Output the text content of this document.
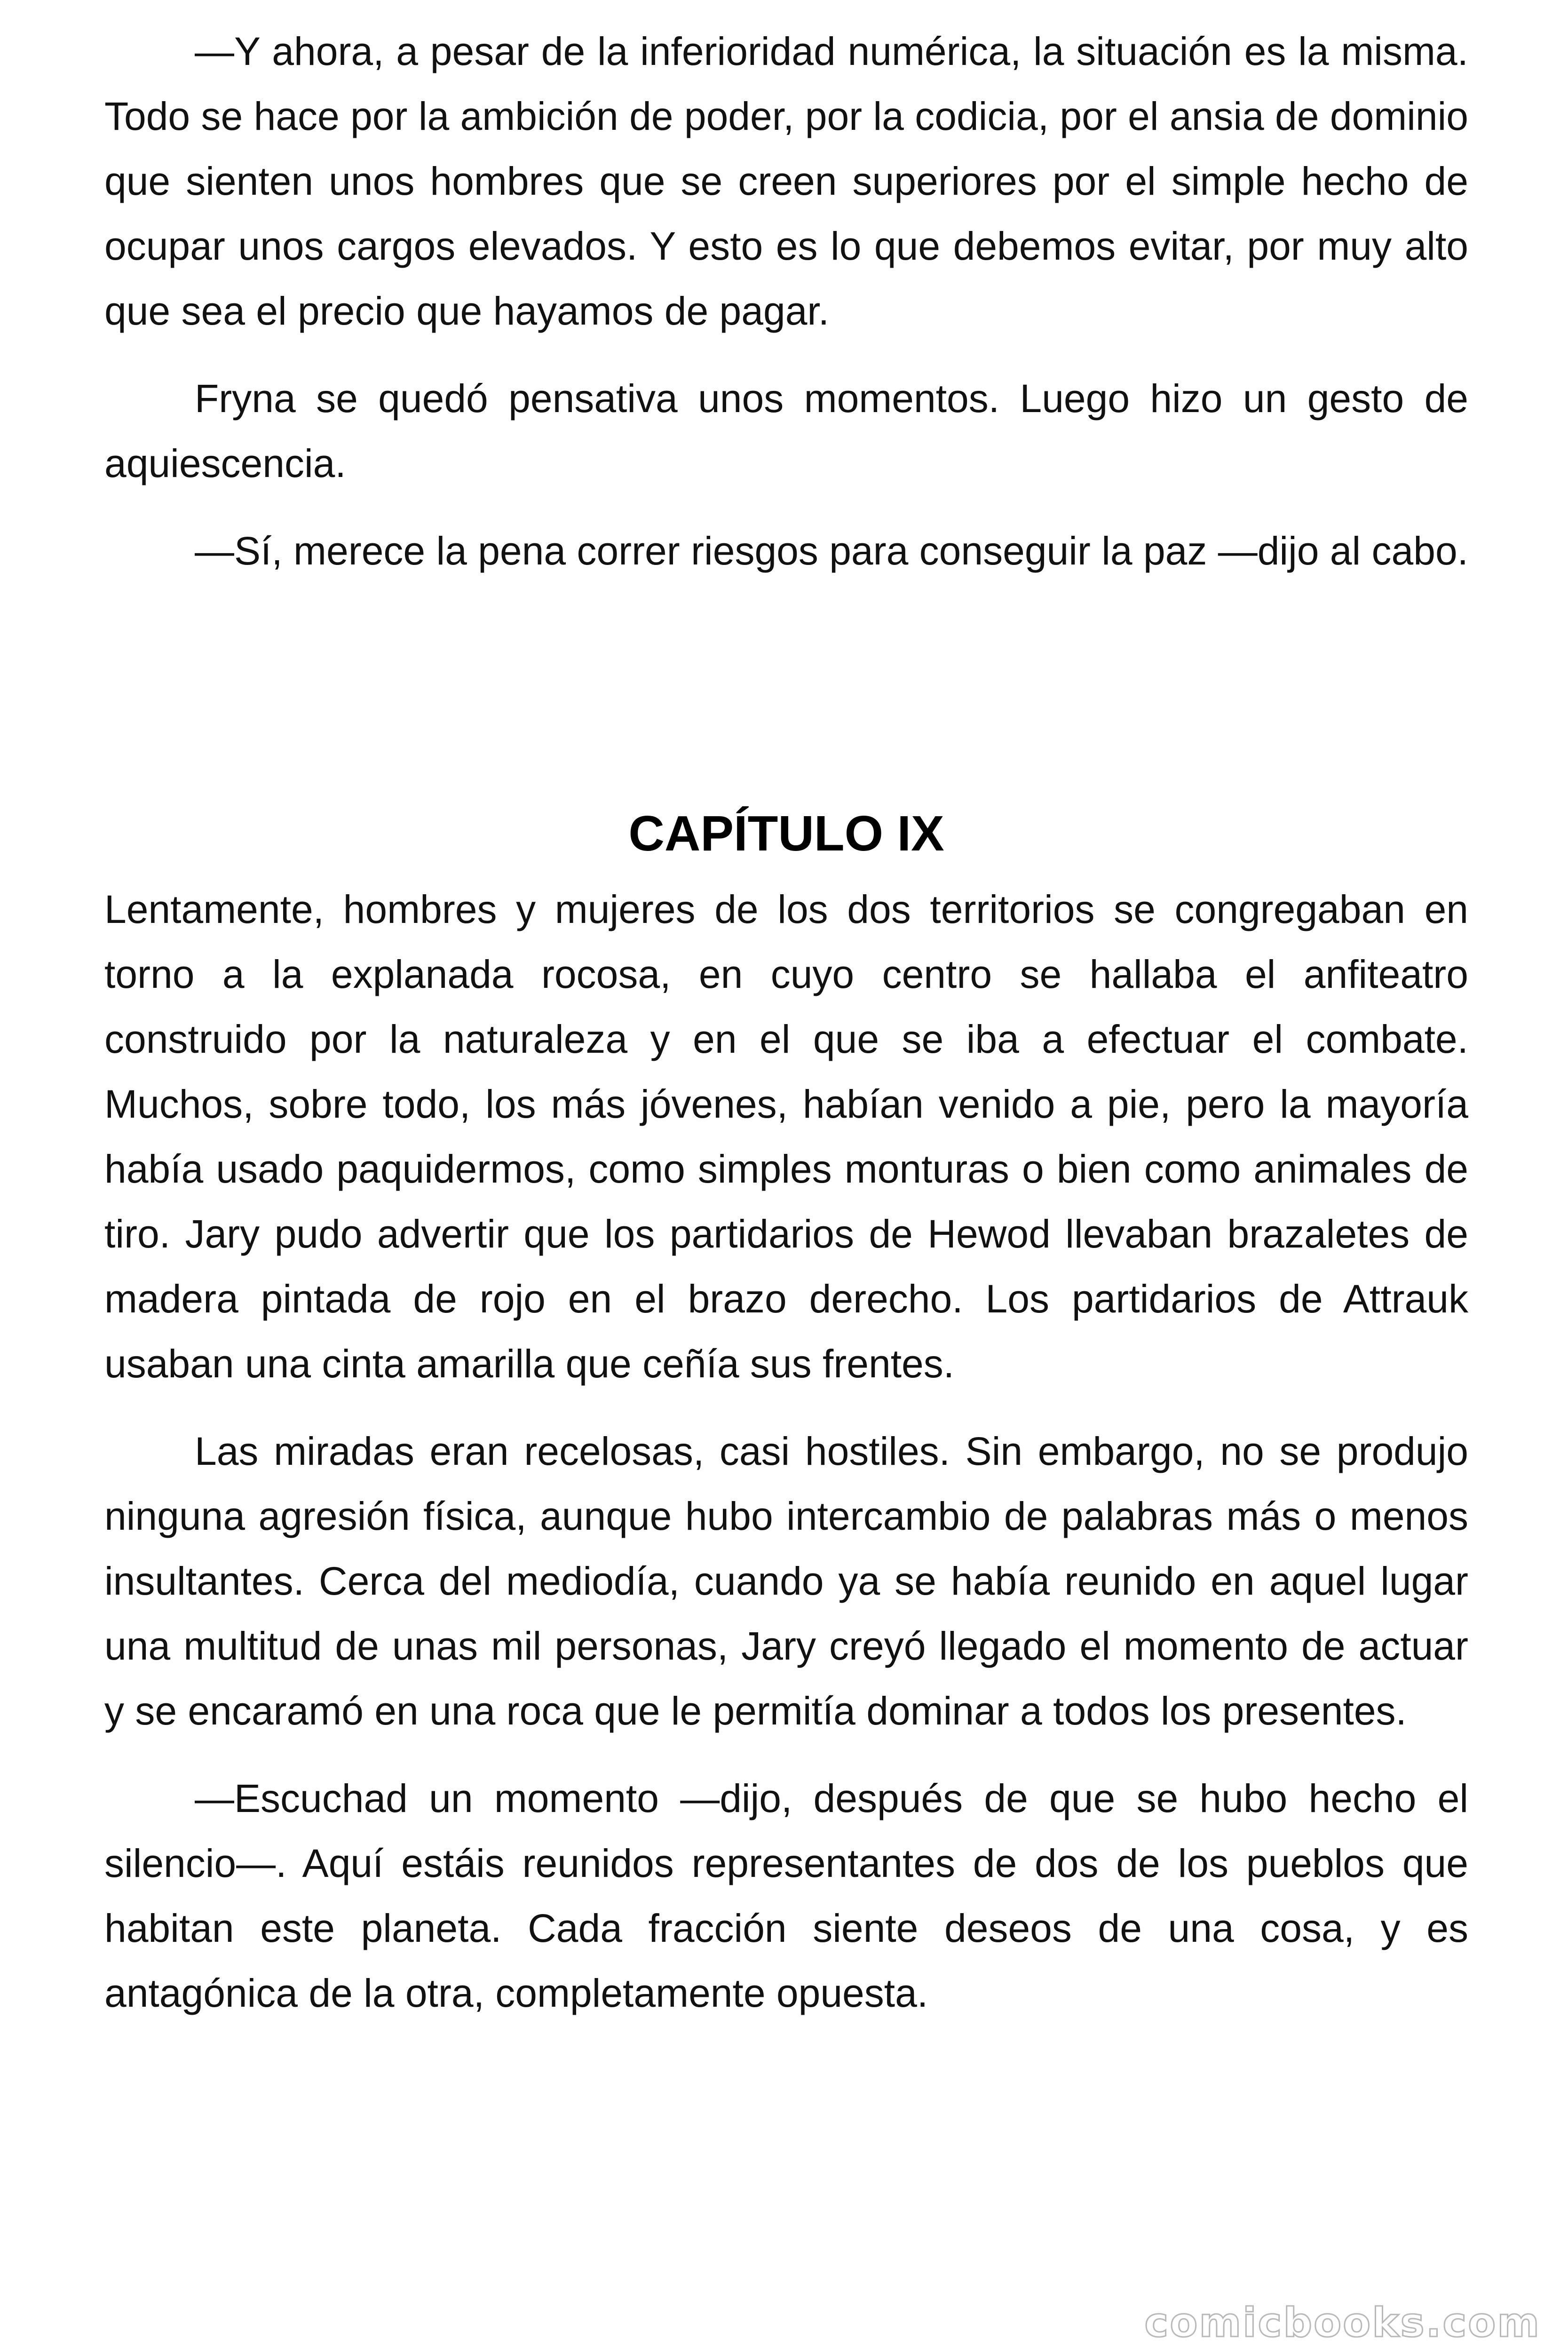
—Y ahora, a pesar de la inferioridad numérica, la situación es la misma. Todo se hace por la ambición de poder, por la codicia, por el ansia de dominio que sienten unos hombres que se creen superiores por el simple hecho de ocupar unos cargos elevados. Y esto es lo que debemos evitar, por muy alto que sea el precio que hayamos de pagar.

Fryna se quedó pensativa unos momentos. Luego hizo un gesto de aquiescencia.

—Sí, merece la pena correr riesgos para conseguir la paz —dijo al cabo.

CAPÍTULO IX

Lentamente, hombres y mujeres de los dos territorios se congregaban en torno a la explanada rocosa, en cuyo centro se hallaba el anfiteatro construido por la naturaleza y en el que se iba a efectuar el combate. Muchos, sobre todo, los más jóvenes, habían venido a pie, pero la mayoría había usado paquidermos, como simples monturas o bien como animales de tiro. Jary pudo advertir que los partidarios de Hewod llevaban brazaletes de madera pintada de rojo en el brazo derecho. Los partidarios de Attrauk usaban una cinta amarilla que ceñía sus frentes.

Las miradas eran recelosas, casi hostiles. Sin embargo, no se produjo ninguna agresión física, aunque hubo intercambio de palabras más o menos insultantes. Cerca del mediodía, cuando ya se había reunido en aquel lugar una multitud de unas mil personas, Jary creyó llegado el momento de actuar y se encaramó en una roca que le permitía dominar a todos los presentes.

—Escuchad un momento —dijo, después de que se hubo hecho el silencio—. Aquí estáis reunidos representantes de dos de los pueblos que habitan este planeta. Cada fracción siente deseos de una cosa, y es antagónica de la otra, completamente opuesta.

comicbooks.com
